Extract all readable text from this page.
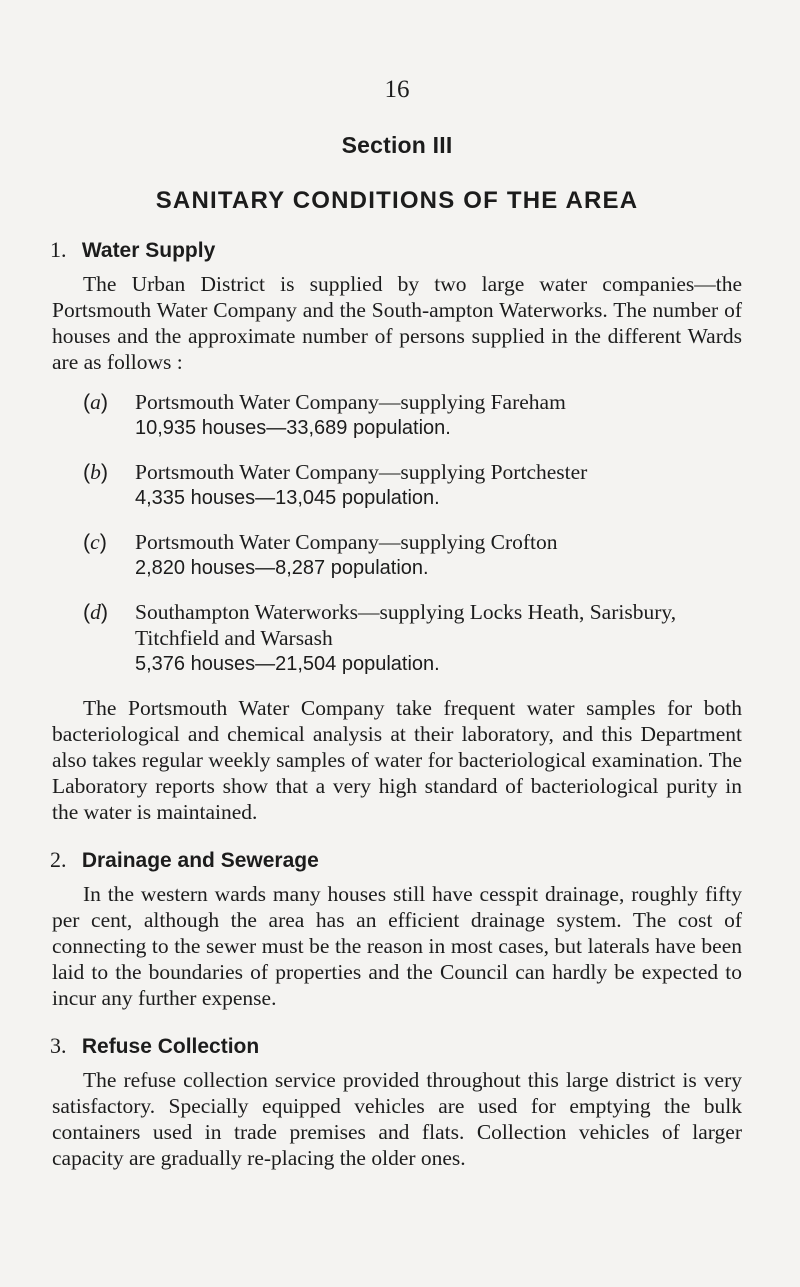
16
Section III
SANITARY CONDITIONS OF THE AREA
1. Water Supply

The Urban District is supplied by two large water companies—the Portsmouth Water Company and the South-ampton Waterworks. The number of houses and the approximate number of persons supplied in the different Wards are as follows :

(a) Portsmouth Water Company—supplying Fareham
10,935 houses—33,689 population.
(b) Portsmouth Water Company—supplying Portchester
4,335 houses—13,045 population.
(c) Portsmouth Water Company—supplying Crofton
2,820 houses—8,287 population.
(d) Southampton Waterworks—supplying Locks Heath, Sarisbury, Titchfield and Warsash
5,376 houses—21,504 population.

The Portsmouth Water Company take frequent water samples for both bacteriological and chemical analysis at their laboratory, and this Department also takes regular weekly samples of water for bacteriological examination. The Laboratory reports show that a very high standard of bacteriological purity in the water is maintained.

2. Drainage and Sewerage

In the western wards many houses still have cesspit drainage, roughly fifty per cent, although the area has an efficient drainage system. The cost of connecting to the sewer must be the reason in most cases, but laterals have been laid to the boundaries of properties and the Council can hardly be expected to incur any further expense.

3. Refuse Collection

The refuse collection service provided throughout this large district is very satisfactory. Specially equipped vehicles are used for emptying the bulk containers used in trade premises and flats. Collection vehicles of larger capacity are gradually re-placing the older ones.
